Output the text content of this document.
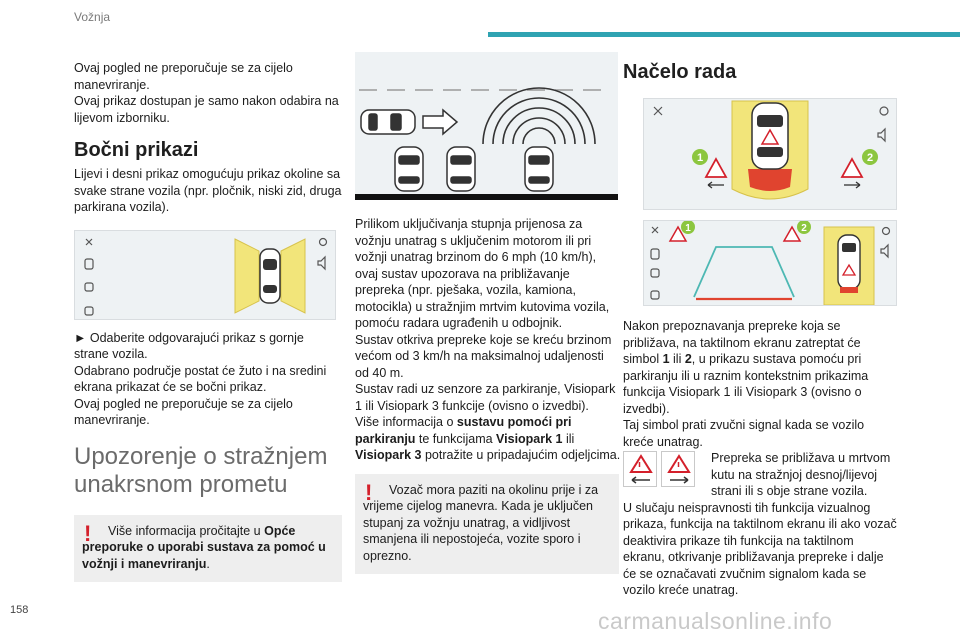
Vožnja

Ovaj pogled ne preporučuje se za cijelo manevriranje.

Ovaj prikaz dostupan je samo nakon odabira na lijevom izborniku.

Bočni prikazi

Lijevi i desni prikaz omogućuju prikaz okoline sa svake strane vozila (npr. pločnik, niski zid, druga parkirana vozila).

► Odaberite odgovarajući prikaz s gornje strane vozila.

Odabrano područje postat će žuto i na sredini ekrana prikazat će se bočni prikaz.

Ovaj pogled ne preporučuje se za cijelo manevriranje.

Upozorenje o stražnjem unakrsnom prometu
!	Više informacija pročitajte u Opće preporuke o uporabi sustava za pomoć u vožnji i manevriranju.

Prilikom uključivanja stupnja prijenosa za vožnju unatrag s uključenim motorom ili pri vožnji unatrag brzinom do 6 mph (10 km/h), ovaj sustav upozorava na približavanje prepreka (npr. pješaka, vozila, kamiona, motocikla) u stražnjim mrtvim kutovima vozila, pomoću radara ugrađenih u odbojnik.

Sustav otkriva prepreke koje se kreću brzinom većom od 3 km/h na maksimalnoj udaljenosti od 40 m.

Sustav radi uz senzore za parkiranje, Visiopark 1 ili Visiopark 3 funkcije (ovisno o izvedbi).

Više informacija o sustavu pomoći pri parkiranju te funkcijama Visiopark 1 ili Visiopark 3 potražite u pripadajućim odjeljcima.

!	Vozač mora paziti na okolinu prije i za vrijeme cijelog manevra. Kada je uključen stupanj za vožnju unatrag, a vidljivost smanjena ili nepostojeća, vozite sporo i oprezno.

Načelo rada
1	2
1	2

Nakon prepoznavanja prepreke koja se približava, na taktilnom ekranu zatreptat će simbol 1 ili 2, u prikazu sustava pomoću pri parkiranju ili u raznim kontekstnim prikazima funkcija Visiopark 1 ili Visiopark 3 (ovisno o izvedbi).

Taj simbol prati zvučni signal kada se vozilo kreće unatrag.

Prepreka se približava u mrtvom kutu na stražnjoj desnoj/lijevoj strani ili s obje strane vozila.

U slučaju neispravnosti tih funkcija vizualnog prikaza, funkcija na taktilnom ekranu ili ako vozač deaktivira prikaze tih funkcija na taktilnom ekranu, otkrivanje približavanja prepreke i dalje će se označavati zvučnim signalom kada se vozilo kreće unatrag.

158	carmanualsonline.info
